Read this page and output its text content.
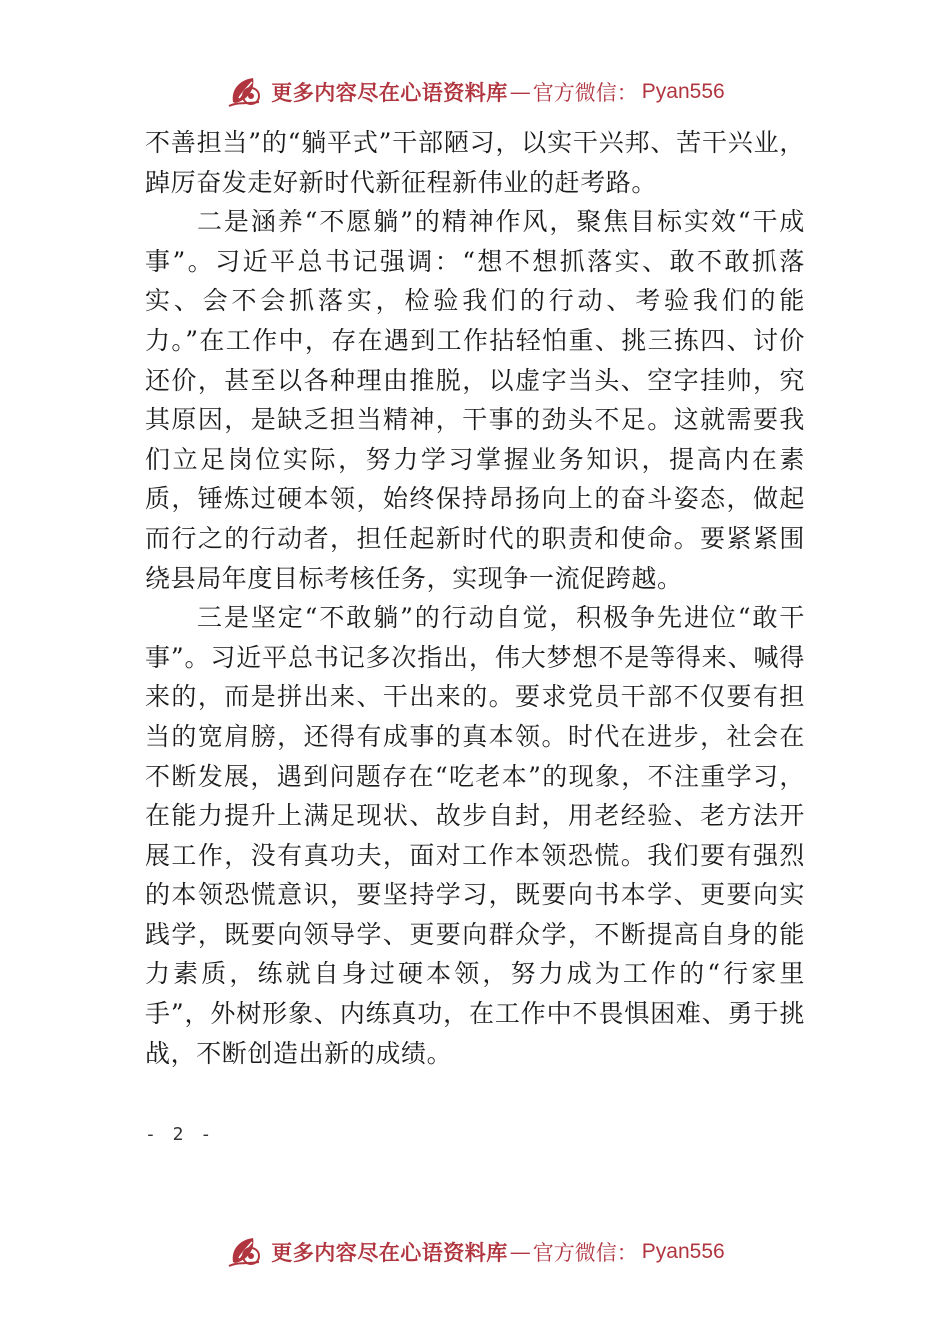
更多内容尽在心语资料库 — 官方微信： Pyan556

不善担当”的“躺平式”干部陋习，以实干兴邦、苦干兴业，踔厉奋发走好新时代新征程新伟业的赶考路。

二是涵养“不愿躺”的精神作风，聚焦目标实效“干成事”。习近平总书记强调：“想不想抓落实、敢不敢抓落实、会不会抓落实，检验我们的行动、考验我们的能力。”在工作中，存在遇到工作拈轻怕重、挑三拣四、讨价还价，甚至以各种理由推脱，以虚字当头、空字挂帅，究其原因，是缺乏担当精神，干事的劲头不足。这就需要我们立足岗位实际，努力学习掌握业务知识，提高内在素质，锤炼过硬本领，始终保持昂扬向上的奋斗姿态，做起而行之的行动者，担任起新时代的职责和使命。要紧紧围绕县局年度目标考核任务，实现争一流促跨越。

三是坚定“不敢躺”的行动自觉，积极争先进位“敢干事”。习近平总书记多次指出，伟大梦想不是等得来、喊得来的，而是拼出来、干出来的。要求党员干部不仅要有担当的宽肩膀，还得有成事的真本领。时代在进步，社会在不断发展，遇到问题存在“吃老本”的现象，不注重学习，在能力提升上满足现状、故步自封，用老经验、老方法开展工作，没有真功夫，面对工作本领恐慌。我们要有强烈的本领恐慌意识，要坚持学习，既要向书本学、更要向实践学，既要向领导学、更要向群众学，不断提高自身的能力素质，练就自身过硬本领，努力成为工作的“行家里手”，外树形象、内练真功，在工作中不畏惧困难、勇于挑战，不断创造出新的成绩。

- 2 -
更多内容尽在心语资料库 — 官方微信： Pyan556
